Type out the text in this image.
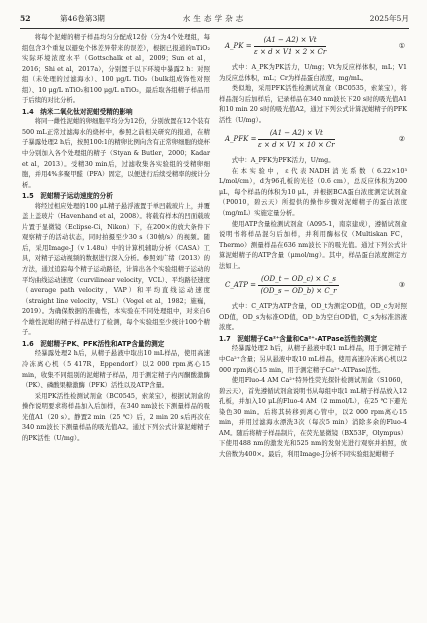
52	第46卷第3期	水生态学杂志	2025年5月

将每个泥蚶的精子样品均匀分配成12份（分为4个处理组，每组包含3个重复以避免个体差异带来的误差），根据已报道的nTiO₂实际环境浓度水平（Gottschalk et al，2009；Sun et al，2016；Shi et al，2017a），分别置于以下环境中暴露2 h：对照组（未处理的过滤海水）、100 μg/L TiO₂（bulk组成饰性对照组）、10 μg/L nTiO₂和100 μg/L nTiO₂，最后取各组精子样品用于后续的对比分析。

1.4　纳米二氧化钛对泥蚶受精的影响

将同一雌性泥蚶的卵细胞平均分为12份，分别放置在12个装有500 mL正常过滤海水的烧杯中，参照之前相关研究的报道，在精子暴露处理2 h后，按照100:1的精卵比例向含有正常卵细胞的烧杯中分别加入各个处理组的精子（Styan & Butler，2000；Kadar et al，2013）。受精30 min后，过滤收集各实验组的受精卵细胞，并用4%多聚甲醛（PFA）固定，以便进行后续受精率的统计分析。

1.5　泥蚶精子运动速度的分析

将经过相应处理的100 μL精子悬浮液置于单凹载玻片上，并覆盖上盖玻片（Havenhand et al，2008）。将载有样本的凹面载玻片置于显微镜（Eclipse-Ci，Nikon）下，在200×的放大条件下观察精子的活动状态，同时拍摄至少30 s（30帧/s）的视频。随后，采用Image-J（v 1.48u）中的计算机辅助分析（CASA）工具，对精子运动视频的数据进行深入分析。参照刘广绪（2013）的方法，通过追踪每个精子运动路径，计算出各个实验组精子运动的平均曲线运动速度（curvilinear velocity，VCL）、平均路径速度（average path velocity，VAP）和平均直线运动速度（straight line velocity，VSL）（Vogel et al，1982；施巍，2019）。为确保数据的准确性，本实验在不同处理组中，对来自6个雄性泥蚶的精子样品进行了检测，每个实验组至少统计100个精子。

1.6　泥蚶精子PK、PFK活性和ATP含量的测定

经暴露处理2 h后，从精子悬液中取出10 mL样品，使用高速冷冻离心机（5 417R，Eppendorf）以2 000 rpm离心15 min，收集不同组别的泥蚶精子样品，用于测定精子内丙酮酸激酶（PK）、磷酸果糖激酶（PFK）活性以及ATP含量。

采用PK活性检测试剂盒（BC0545，索莱宝），根据试剂盒的操作说明要求将样品加入后加样，在340 nm波长下测量样品的吸光值A1（20 s）。静置2 min（25 ℃）后，2 min 20 s后再次在340 nm波长下测量样品的吸光值A2。通过下列公式计算泥蚶精子的PK活性（U/mg）。

A_PK = $\frac{(A1 - A2) \times Vt}{\varepsilon \times d \times V1 \times 2 \times Cr}$	①

式中：A_PK为PK活力，U/mg；Vt为反应样体积，mL；V1为反应总体积，mL；Cr为样品蛋白浓度，mg/mL。

类似地，采用PFK活性检测试剂盒（BC0535，索莱宝），将样品混匀后加样后，记录样品在340 nm波长下20 s时的吸光值A1和10 min 20 s时的吸光值A2，通过下列公式计算泥蚶精子的PFK活性（U/mg）。

A_PFK = $\frac{(A1 - A2) \times Vt}{\varepsilon \times d \times V1 \times 10 \times Cr}$	②

式中：A_PFK为PFK活力，U/mg。

在本实验中，ε代表NADH消光系数（6.22×10³ L/mol/cm），d为96孔板的光径（0.6 cm），总反应体积为200 μL，每个样品的体积为10 μL，并根据BCA蛋白浓度测定试剂盒（P0010，碧云天）所提供的操作步骤对泥蚶精子的蛋白浓度（mg/mL）实施定量分析。

使用ATP含量检测试剂盒（A095-1，南京建成），遵循试剂盒说明书将样品混匀后加样，并利用酶标仪（Multiskan FC，Thermo）测量样品在636 nm波长下的吸光值。通过下列公式计算泥蚶精子的ATP含量（μmol/mg）。其中，样品蛋白浓度测定方法如上。

C_ATP = $\frac{(OD\_t - OD\_c) \times C\_s}{(OD\_s - OD\_b) \times C\_r}$	③

式中：C_ATP为ATP含量，OD_t为测定OD值，OD_c为对照OD值，OD_s为标准OD值，OD_b为空白OD值，C_s为标准溶液浓度。

1.7　泥蚶精子Ca²⁺含量和Ca²⁺-ATPase活性的测定

经暴露处理2 h后，从精子悬液中取1 mL样品，用于测定精子中Ca²⁺含量；另从悬液中取10 mL样品，使用高速冷冻离心机以2 000 rpm离心15 min，用于测定精子Ca²⁺-ATPase活性。

使用Fluo-4 AM Ca²⁺特异性荧光探针检测试剂盒（S1060，碧云天），首先遵循试剂盒说明书从每组中取1 mL精子样品放入12孔板，并加入10 μL的Fluo-4 AM（2 mmol/L），在25 ℃下避光染色30 min。后将其转移到离心管中，以2 000 rpm离心15 min，并用过滤海水漂洗3次（每次5 min）消除多余的Fluo-4 AM。随后将精子样品制片，在荧光显微镜（BX53F，Olympus）下使用488 nm的激发光和525 nm的发射光进行观察并拍照，放大倍数为400×。最后，利用Image-J分析不同实验组泥蚶精子
